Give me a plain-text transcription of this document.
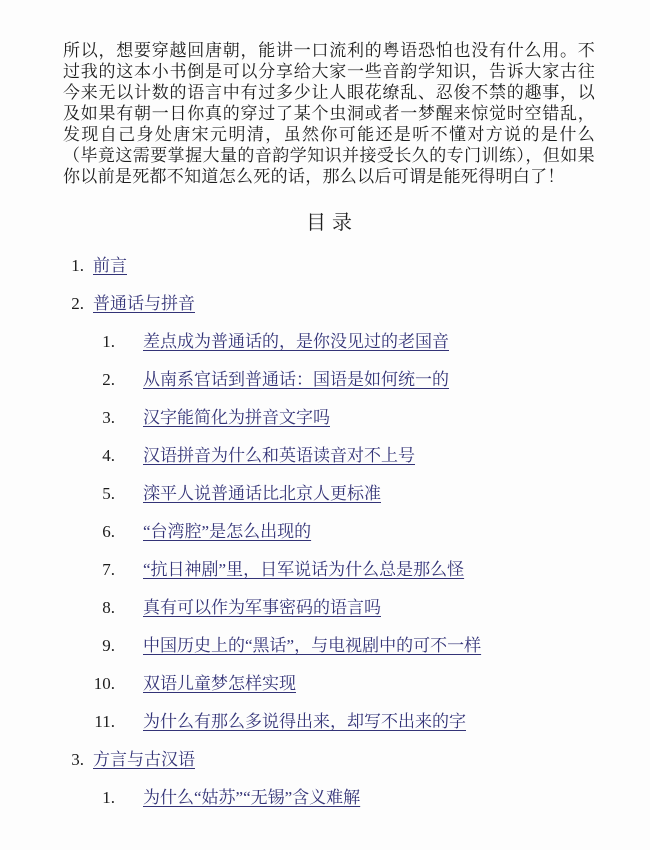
所以，想要穿越回唐朝，能讲一口流利的粤语恐怕也没有什么用。不过我的这本小书倒是可以分享给大家一些音韵学知识，告诉大家古往今来无以计数的语言中有过多少让人眼花缭乱、忍俊不禁的趣事，以及如果有朝一日你真的穿过了某个虫洞或者一梦醒来惊觉时空错乱，发现自己身处唐宋元明清，虽然你可能还是听不懂对方说的是什么（毕竟这需要掌握大量的音韵学知识并接受长久的专门训练），但如果你以前是死都不知道怎么死的话，那么以后可谓是能死得明白了！

目录
1. 前言
2. 普通话与拼音
1. 差点成为普通话的，是你没见过的老国音
2. 从南系官话到普通话：国语是如何统一的
3. 汉字能简化为拼音文字吗
4. 汉语拼音为什么和英语读音对不上号
5. 滦平人说普通话比北京人更标准
6. “台湾腔”是怎么出现的
7. “抗日神剧”里，日军说话为什么总是那么怪
8. 真有可以作为军事密码的语言吗
9. 中国历史上的“黑话”，与电视剧中的可不一样
10. 双语儿童梦怎样实现
11. 为什么有那么多说得出来，却写不出来的字
3. 方言与古汉语
1. 为什么“姑苏”“无锡”含义难解
